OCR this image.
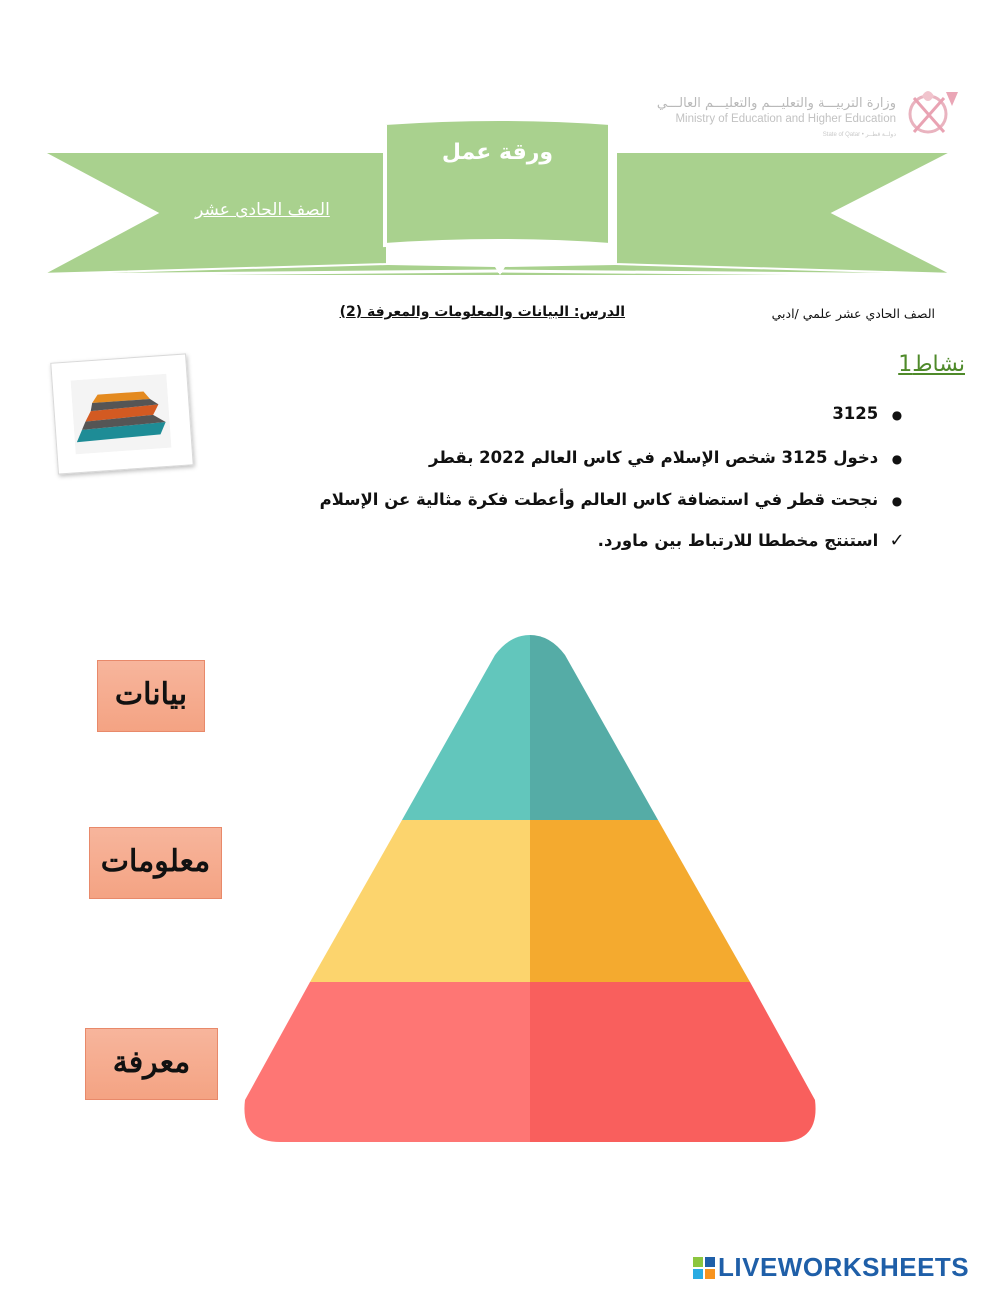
وزارة التربيـــة والتعليـــم والتعليـــم العالـــي
Ministry of Education and Higher Education
State of Qatar • دولــة قطــر
ورقة عمل
الصف الحادى عشر
الدرس: البيانات والمعلومات والمعرفة (2)	الصف الحادي عشر علمي /ادبي
نشاط1
● 3125
● دخول 3125 شخص الإسلام في كاس العالم 2022 بقطر
● نجحت قطر في استضافة كاس العالم وأعطت فكرة مثالية عن الإسلام
✓ استنتج مخططا للارتباط بين ماورد.
بيانات
معلومات
معرفة
LIVEWORKSHEETS
